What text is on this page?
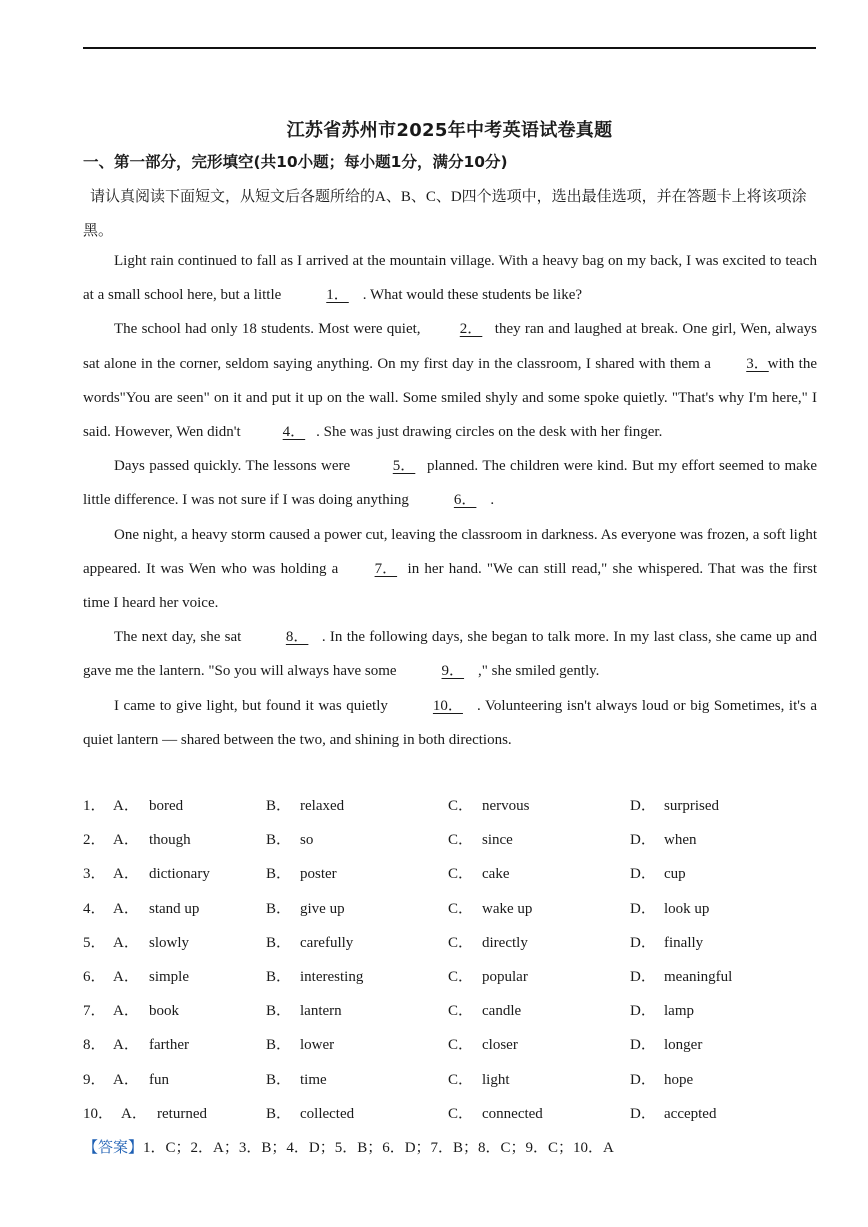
江苏省苏州市2025年中考英语试卷真题
一、第一部分，完形填空(共10小题；每小题1分，满分10分)
请认真阅读下面短文，从短文后各题所给的A、B、C、D四个选项中，选出最佳选项，并在答题卡上将该项涂黑。

Light rain continued to fall as I arrived at the mountain village. With a heavy bag on my back, I was excited to teach at a small school here, but a little	1． . What would these students be like?

The school had only 18 students. Most were quiet,	2． they ran and laughed at break. One girl, Wen, always sat alone in the corner, seldom saying anything. On my first day in the classroom, I shared with them a 3． with the words"You are seen" on it and put it up on the wall. Some smiled shyly and some spoke quietly. "That's why I'm here," I said. However, Wen didn't	4． . She was just drawing circles on the desk with her finger.

Days passed quickly. The lessons were	5． planned. The children were kind. But my effort seemed to make little difference. I was not sure if I was doing anything	6． .

One night, a heavy storm caused a power cut, leaving the classroom in darkness. As everyone was frozen, a soft light appeared. It was Wen who was holding a 7． in her hand. "We can still read," she whispered. That was the first time I heard her voice.

The next day, she sat	8． . In the following days, she began to talk more. In my last class, she came up and gave me the lantern. "So you will always have some	9． ," she smiled gently.

I came to give light, but found it was quietly	10． . Volunteering isn't always loud or big Sometimes, it's a quiet lantern — shared between the two, and shining in both directions.

1． A． bored	B． relaxed	C． nervous	D． surprised
2． A． though	B． so	C． since	D． when
3． A． dictionary	B． poster	C． cake	D． cup
4． A． stand up	B． give up	C． wake up	D． look up
5． A． slowly	B． carefully	C． directly	D． finally
6． A． simple	B． interesting	C． popular	D． meaningful
7． A． book	B． lantern	C． candle	D． lamp
8． A． farther	B． lower	C． closer	D． longer
9． A． fun	B． time	C． light	D． hope
10． A． returned	B． collected	C． connected	D． accepted
【答案】1．C；2．A；3．B；4．D；5．B；6．D；7．B；8．C；9．C；10．A
